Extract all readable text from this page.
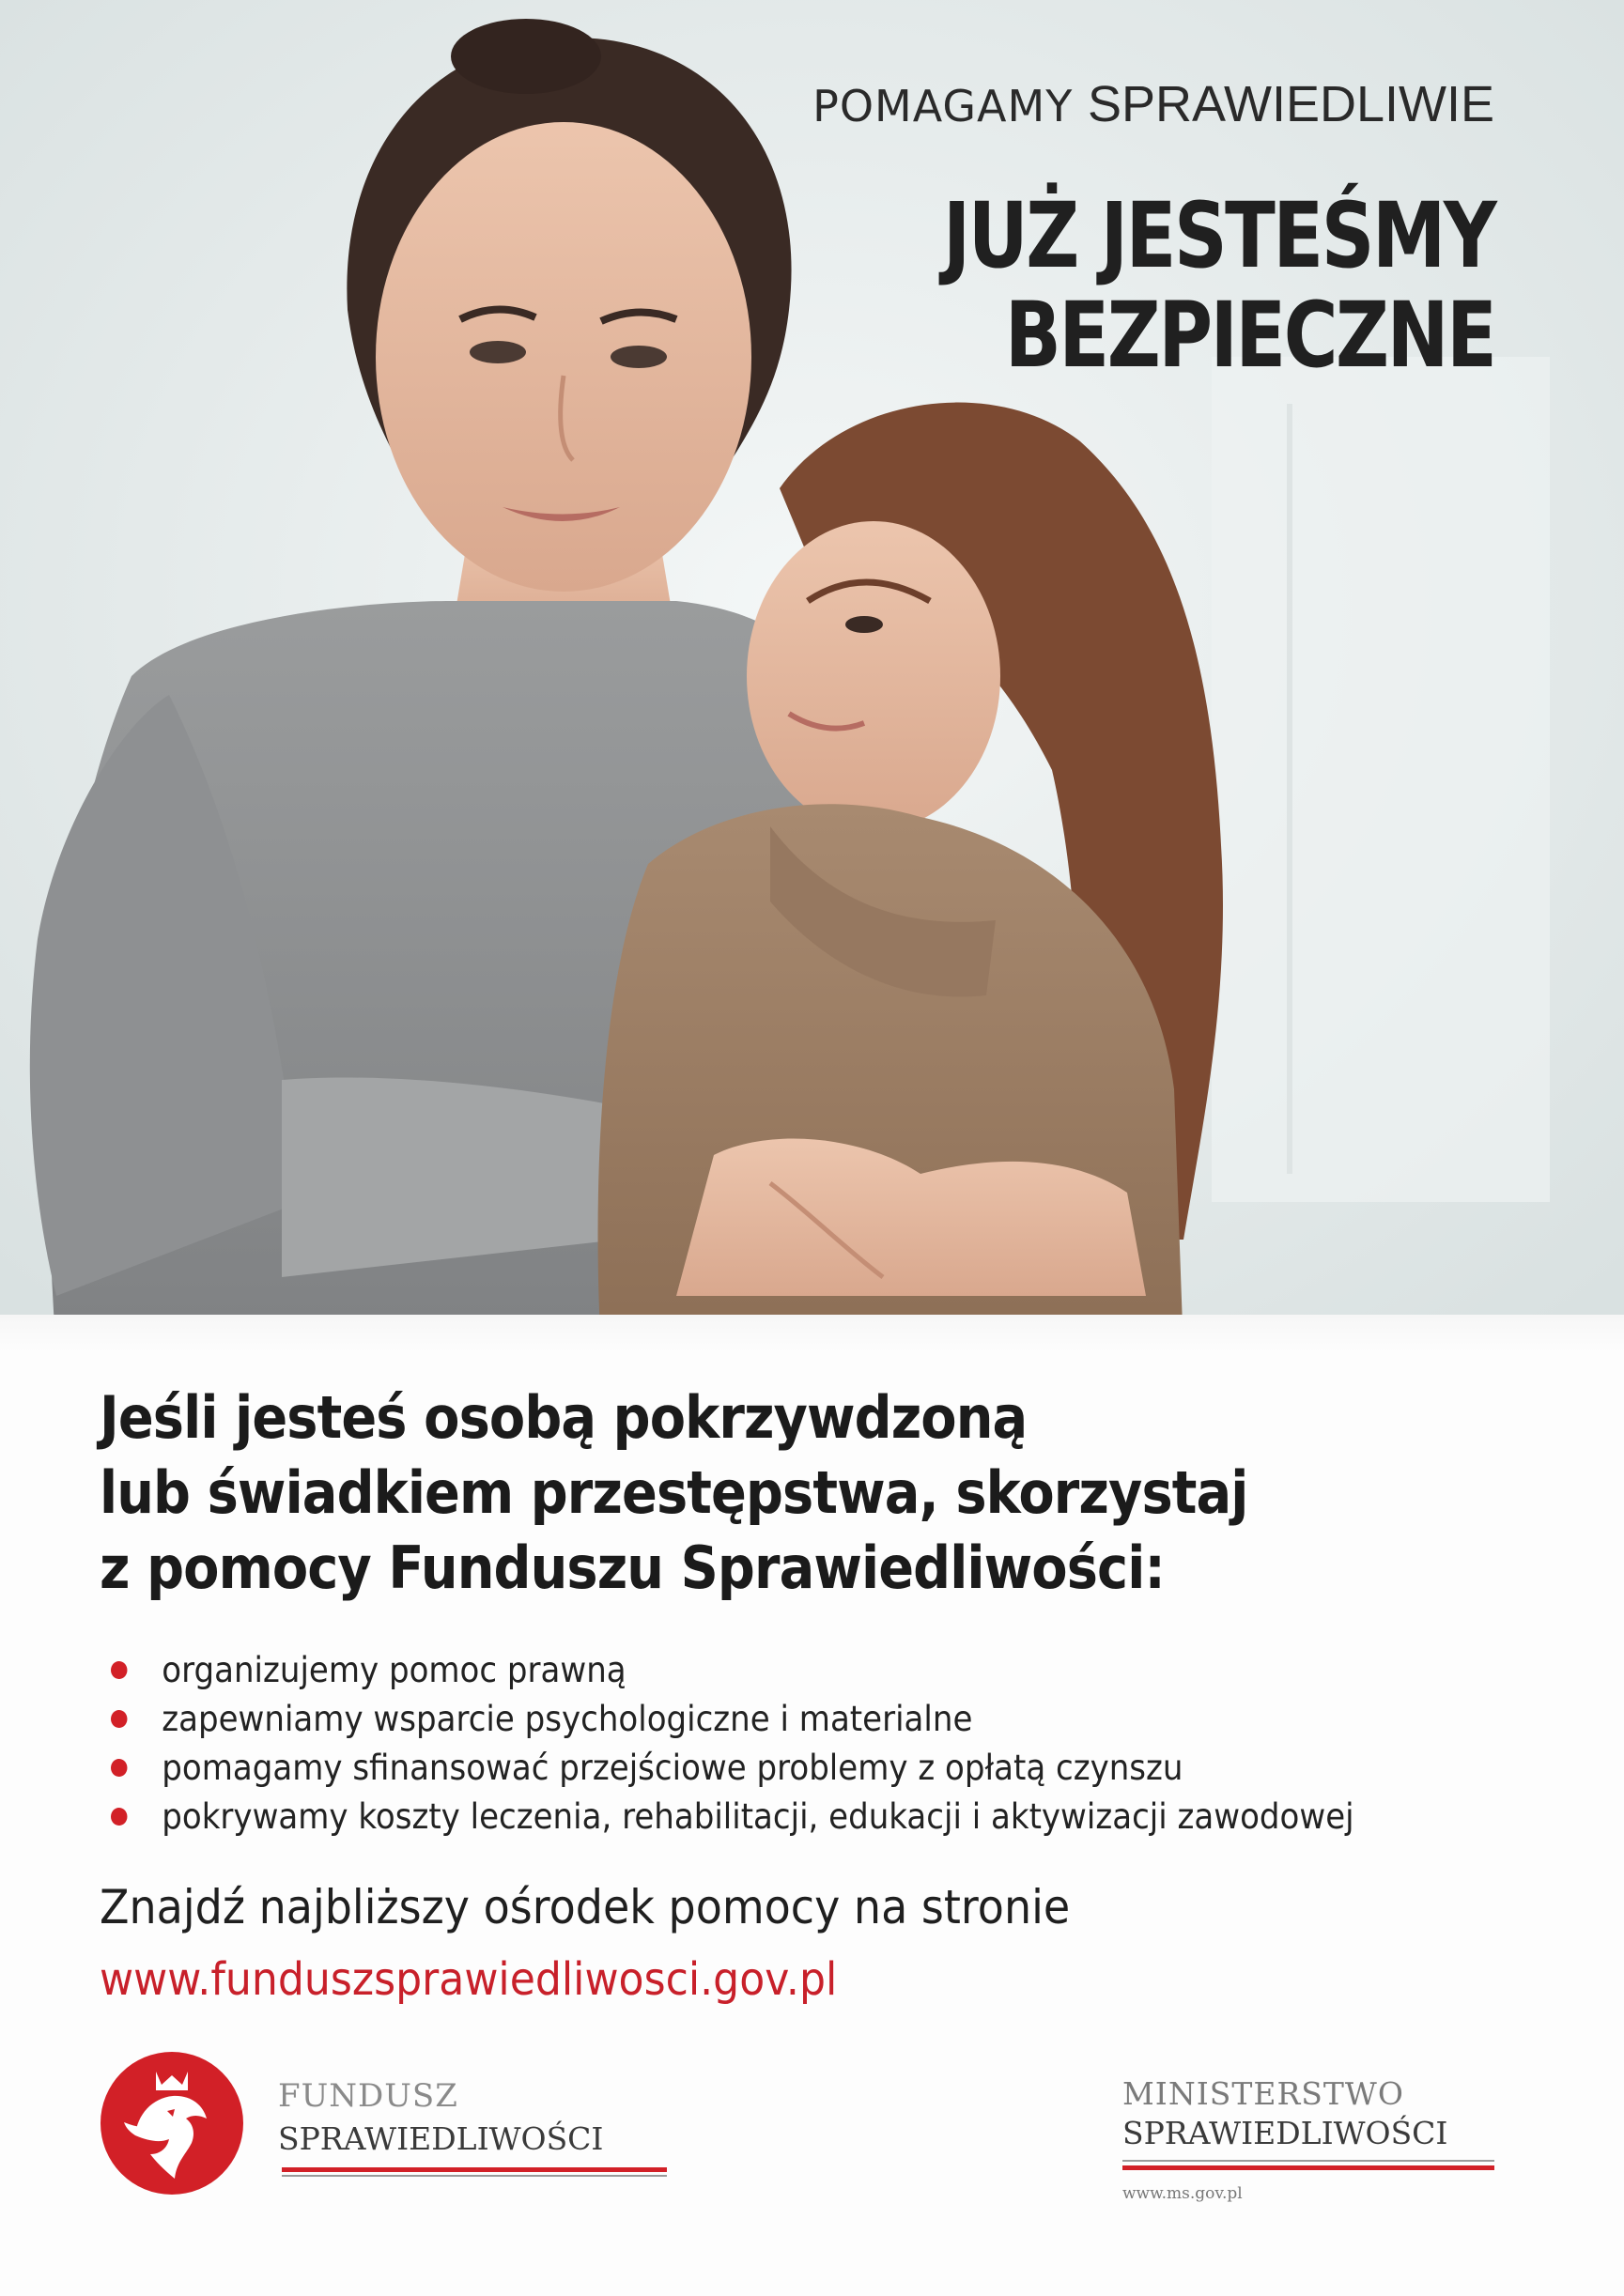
POMAGAMY SPRAWIEDLIWIE
JUŻ JESTEŚMY
BEZPIECZNE
Jeśli jesteś osobą pokrzywdzoną
lub świadkiem przestępstwa, skorzystaj
z pomocy Funduszu Sprawiedliwości:
organizujemy pomoc prawną
zapewniamy wsparcie psychologiczne i materialne
pomagamy sfinansować przejściowe problemy z opłatą czynszu
pokrywamy koszty leczenia, rehabilitacji, edukacji i aktywizacji zawodowej
Znajdź najbliższy ośrodek pomocy na stronie
www.funduszsprawiedliwosci.gov.pl
FUNDUSZ
SPRAWIEDLIWOŚCI
MINISTERSTWO
SPRAWIEDLIWOŚCI
www.ms.gov.pl
